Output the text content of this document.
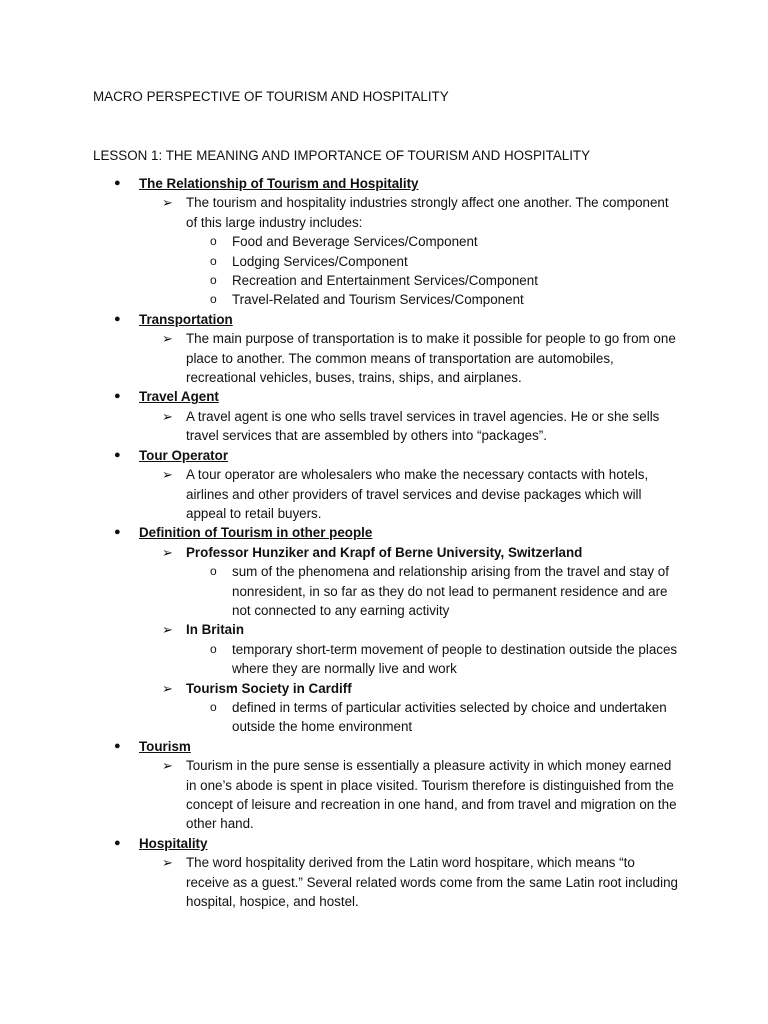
MACRO PERSPECTIVE OF TOURISM AND HOSPITALITY
LESSON 1: THE MEANING AND IMPORTANCE OF TOURISM AND HOSPITALITY
● The Relationship of Tourism and Hospitality
➢ The tourism and hospitality industries strongly affect one another. The component of this large industry includes:
o Food and Beverage Services/Component
o Lodging Services/Component
o Recreation and Entertainment Services/Component
o Travel-Related and Tourism Services/Component
● Transportation
➢ The main purpose of transportation is to make it possible for people to go from one place to another. The common means of transportation are automobiles, recreational vehicles, buses, trains, ships, and airplanes.
● Travel Agent
➢ A travel agent is one who sells travel services in travel agencies. He or she sells travel services that are assembled by others into “packages”.
● Tour Operator
➢ A tour operator are wholesalers who make the necessary contacts with hotels, airlines and other providers of travel services and devise packages which will appeal to retail buyers.
● Definition of Tourism in other people
➢ Professor Hunziker and Krapf of Berne University, Switzerland
o sum of the phenomena and relationship arising from the travel and stay of nonresident, in so far as they do not lead to permanent residence and are not connected to any earning activity
➢ In Britain
o temporary short-term movement of people to destination outside the places where they are normally live and work
➢ Tourism Society in Cardiff
o defined in terms of particular activities selected by choice and undertaken outside the home environment
● Tourism
➢ Tourism in the pure sense is essentially a pleasure activity in which money earned in one’s abode is spent in place visited. Tourism therefore is distinguished from the concept of leisure and recreation in one hand, and from travel and migration on the other hand.
● Hospitality
➢ The word hospitality derived from the Latin word hospitare, which means “to receive as a guest.” Several related words come from the same Latin root including hospital, hospice, and hostel.
